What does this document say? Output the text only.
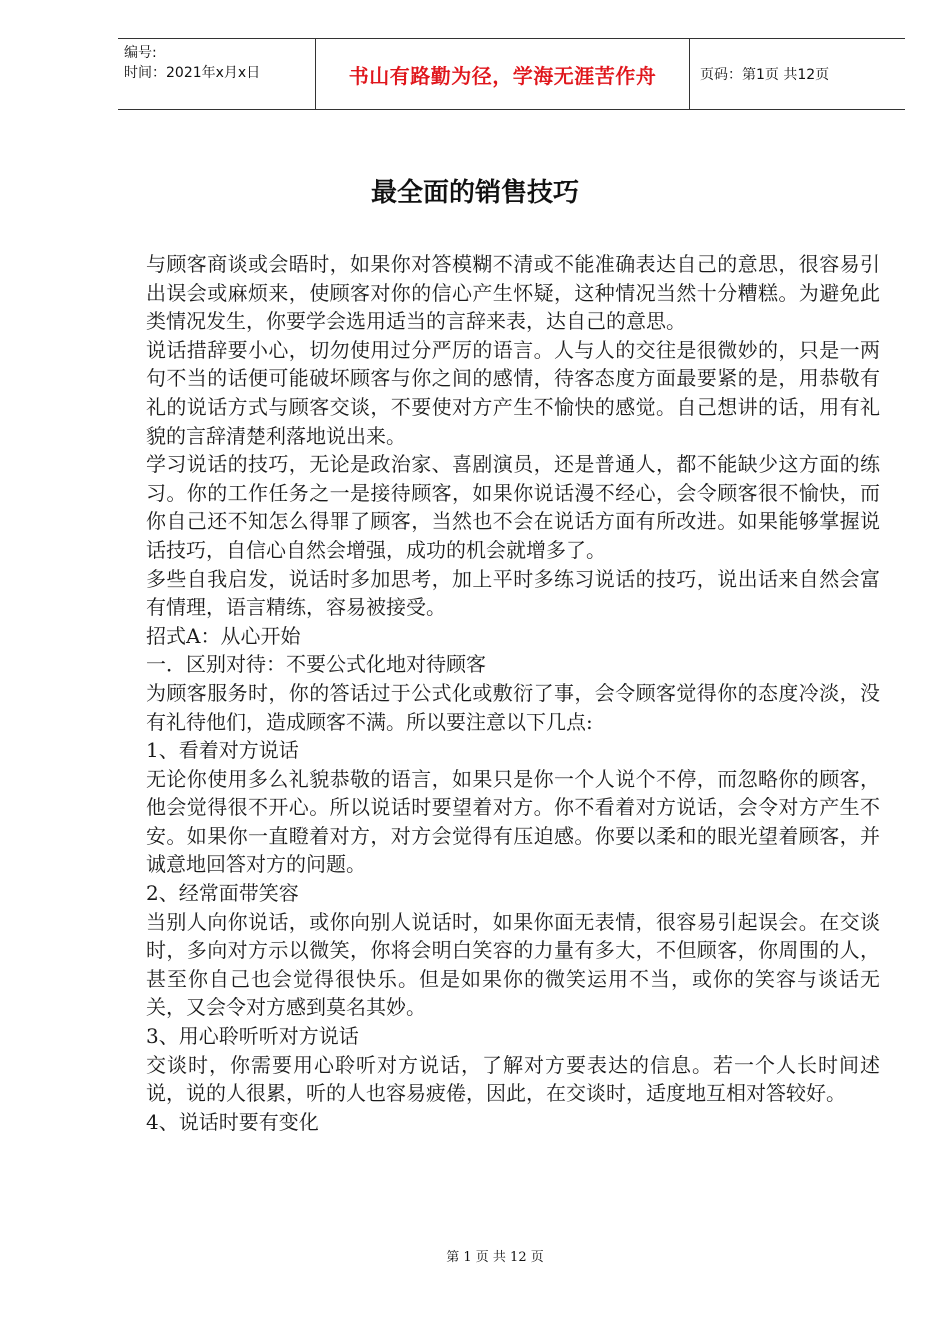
编号:
时间：2021年x月x日	书山有路勤为径，学海无涯苦作舟	页码：第1页 共12页
最全面的销售技巧

与顾客商谈或会晤时，如果你对答模糊不清或不能准确表达自己的意思，很容易引出误会或麻烦来，使顾客对你的信心产生怀疑，这种情况当然十分糟糕。为避免此类情况发生，你要学会选用适当的言辞来表，达自己的意思。

说话措辞要小心，切勿使用过分严厉的语言。人与人的交往是很微妙的，只是一两句不当的话便可能破坏顾客与你之间的感情，待客态度方面最要紧的是，用恭敬有礼的说话方式与顾客交谈，不要使对方产生不愉快的感觉。自己想讲的话，用有礼貌的言辞清楚利落地说出来。

学习说话的技巧，无论是政治家、喜剧演员，还是普通人，都不能缺少这方面的练习。你的工作任务之一是接待顾客，如果你说话漫不经心，会令顾客很不愉快，而你自己还不知怎么得罪了顾客，当然也不会在说话方面有所改进。如果能够掌握说话技巧，自信心自然会增强，成功的机会就增多了。

多些自我启发，说话时多加思考，加上平时多练习说话的技巧，说出话来自然会富有情理，语言精练，容易被接受。

招式A：从心开始

一．区别对待：不要公式化地对待顾客

为顾客服务时，你的答话过于公式化或敷衍了事，会令顾客觉得你的态度冷淡，没有礼待他们，造成顾客不满。所以要注意以下几点:

1、看着对方说话

无论你使用多么礼貌恭敬的语言，如果只是你一个人说个不停，而忽略你的顾客，他会觉得很不开心。所以说话时要望着对方。你不看着对方说话，会令对方产生不安。如果你一直瞪着对方，对方会觉得有压迫感。你要以柔和的眼光望着顾客，并诚意地回答对方的问题。

2、经常面带笑容

当别人向你说话，或你向别人说话时，如果你面无表情，很容易引起误会。在交谈时，多向对方示以微笑，你将会明白笑容的力量有多大，不但顾客，你周围的人，甚至你自己也会觉得很快乐。但是如果你的微笑运用不当，或你的笑容与谈话无关，又会令对方感到莫名其妙。

3、用心聆听听对方说话

交谈时，你需要用心聆听对方说话，了解对方要表达的信息。若一个人长时间述说，说的人很累，听的人也容易疲倦，因此，在交谈时，适度地互相对答较好。

4、说话时要有变化

第 1 页 共 12 页
